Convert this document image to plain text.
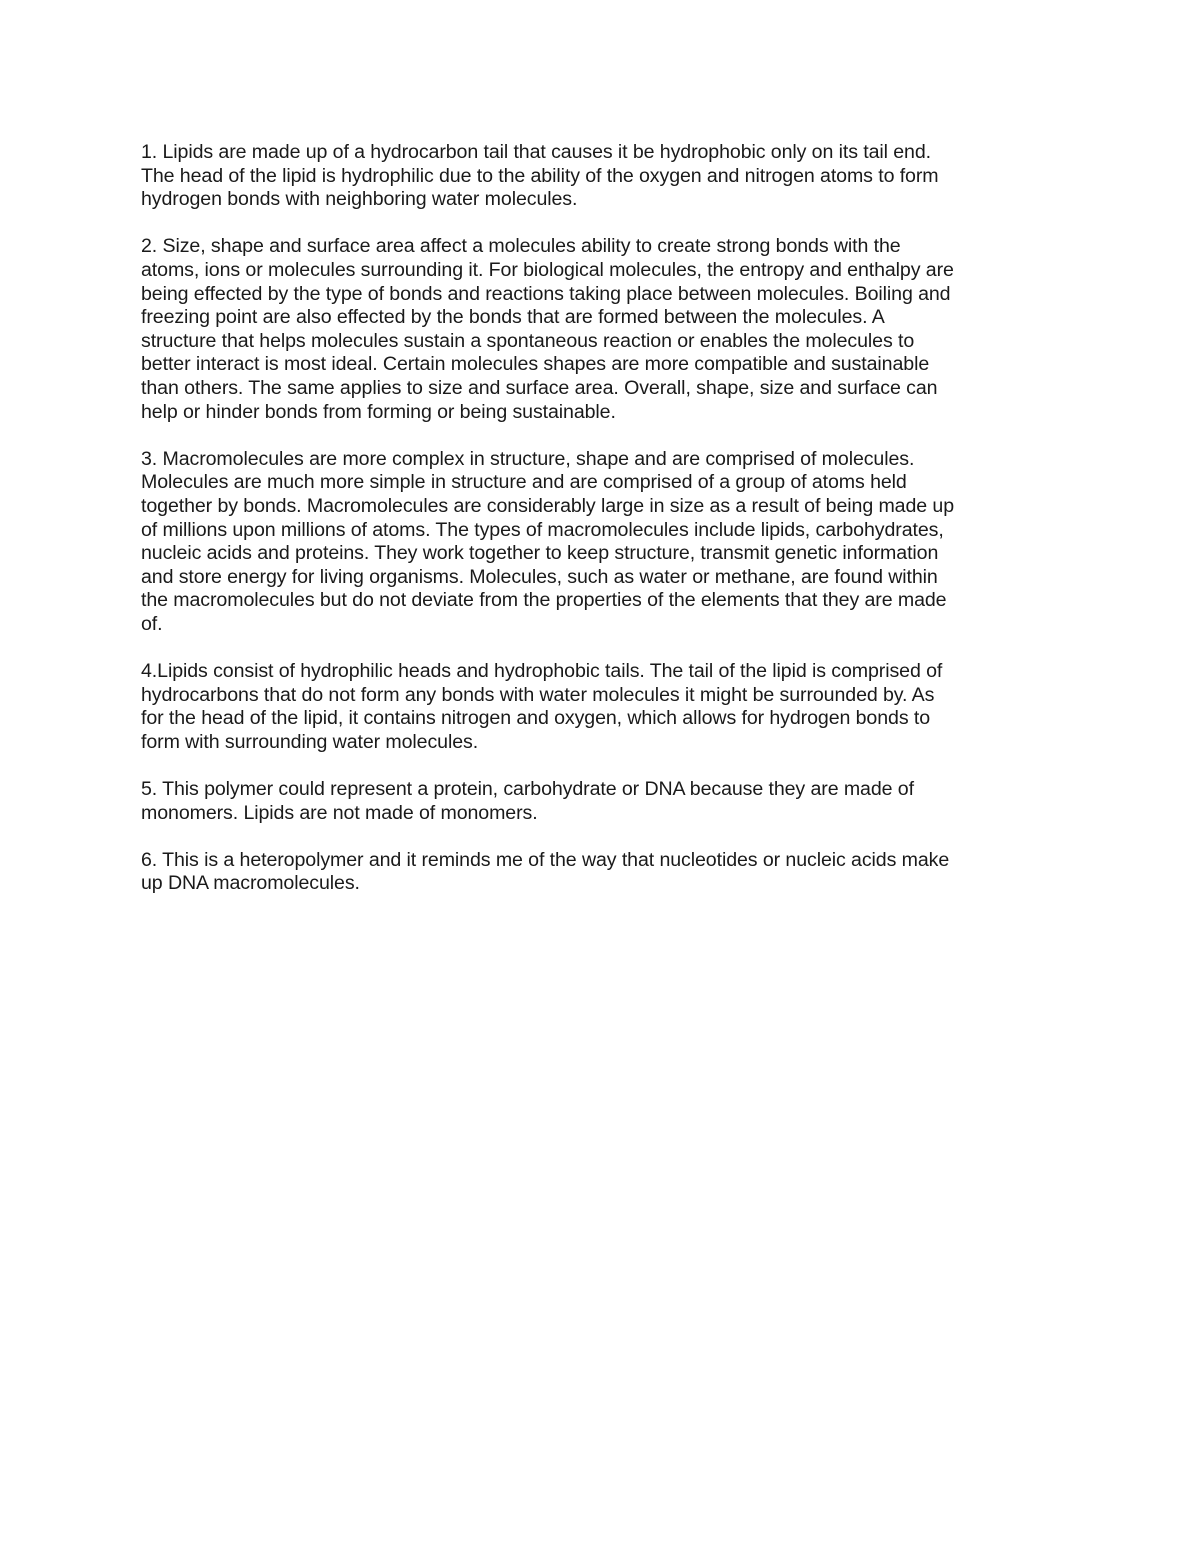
1. Lipids are made up of a hydrocarbon tail that causes it be hydrophobic only on its tail end.
The head of the lipid is hydrophilic due to the ability of the oxygen and nitrogen atoms to form
hydrogen bonds with neighboring water molecules.

2. Size, shape and surface area affect a molecules ability to create strong bonds with the
atoms, ions or molecules surrounding it. For biological molecules, the entropy and enthalpy are
being effected by the type of bonds and reactions taking place between molecules. Boiling and
freezing point are also effected by the bonds that are formed between the molecules. A
structure that helps molecules sustain a spontaneous reaction or enables the molecules to
better interact is most ideal. Certain molecules shapes are more compatible and sustainable
than others. The same applies to size and surface area. Overall, shape, size and surface can
help or hinder bonds from forming or being sustainable.

3. Macromolecules are more complex in structure, shape and are comprised of molecules.
Molecules are much more simple in structure and are comprised of a group of atoms held
together by bonds. Macromolecules are considerably large in size as a result of being made up
of millions upon millions of atoms. The types of macromolecules include lipids, carbohydrates,
nucleic acids and proteins. They work together to keep structure, transmit genetic information
and store energy for living organisms. Molecules, such as water or methane, are found within
the macromolecules but do not deviate from the properties of the elements that they are made
of.

4.Lipids consist of hydrophilic heads and hydrophobic tails. The tail of the lipid is comprised of
hydrocarbons that do not form any bonds with water molecules it might be surrounded by. As
for the head of the lipid, it contains nitrogen and oxygen, which allows for hydrogen bonds to
form with surrounding water molecules.

5. This polymer could represent a protein, carbohydrate or DNA because they are made of
monomers. Lipids are not made of monomers.

6. This is a heteropolymer and it reminds me of the way that nucleotides or nucleic acids make
up DNA macromolecules.
